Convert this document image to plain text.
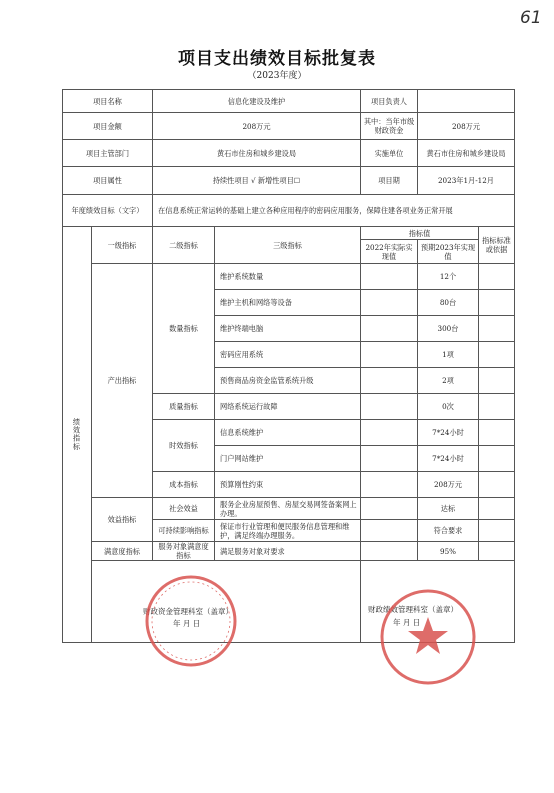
61
项目支出绩效目标批复表
（2023年度）
项目名称		信息化建设及维护		项目负责人		
项目金额		208万元		其中：当年市级财政资金	208万元	
项目主管部门		黄石市住房和城乡建设局		实施单位	黄石市住房和城乡建设局	
项目属性		持续性项目 √ 新增性项目☐		项目期	2023年1月-12月	
年度绩效目标（文字）		在信息系统正常运转的基础上建立各种应用程序的密码应用服务，保障住建各项业务正常开展				
绩效指标	一级指标	二级指标	三级指标	指标值		指标标准或依据
				2022年实际实现值	预期2023年实现值	
	产出指标	数量指标	维护系统数量		12个	
			维护主机和网络等设备		80台	
			维护终端电脑		300台	
			密码应用系统		1项	
			预售商品房资金监管系统升级		2项	
		质量指标	网络系统运行故障		0次	
		时效指标	信息系统维护		7*24小时	
			门户网站维护		7*24小时	
		成本指标	预算刚性约束		208万元	
	效益指标	社会效益	服务企业房屋预售、房屋交易网签备案网上办理。		达标	
		可持续影响指标	保证市行业管理和便民服务信息管理和维护，满足终端办理服务。		符合要求	
	满意度指标	服务对象满意度指标	满足服务对象对要求		95%	

财政资金管理科室（盖章）
年 月 日
财政绩效管理科室（盖章）
年 月 日
